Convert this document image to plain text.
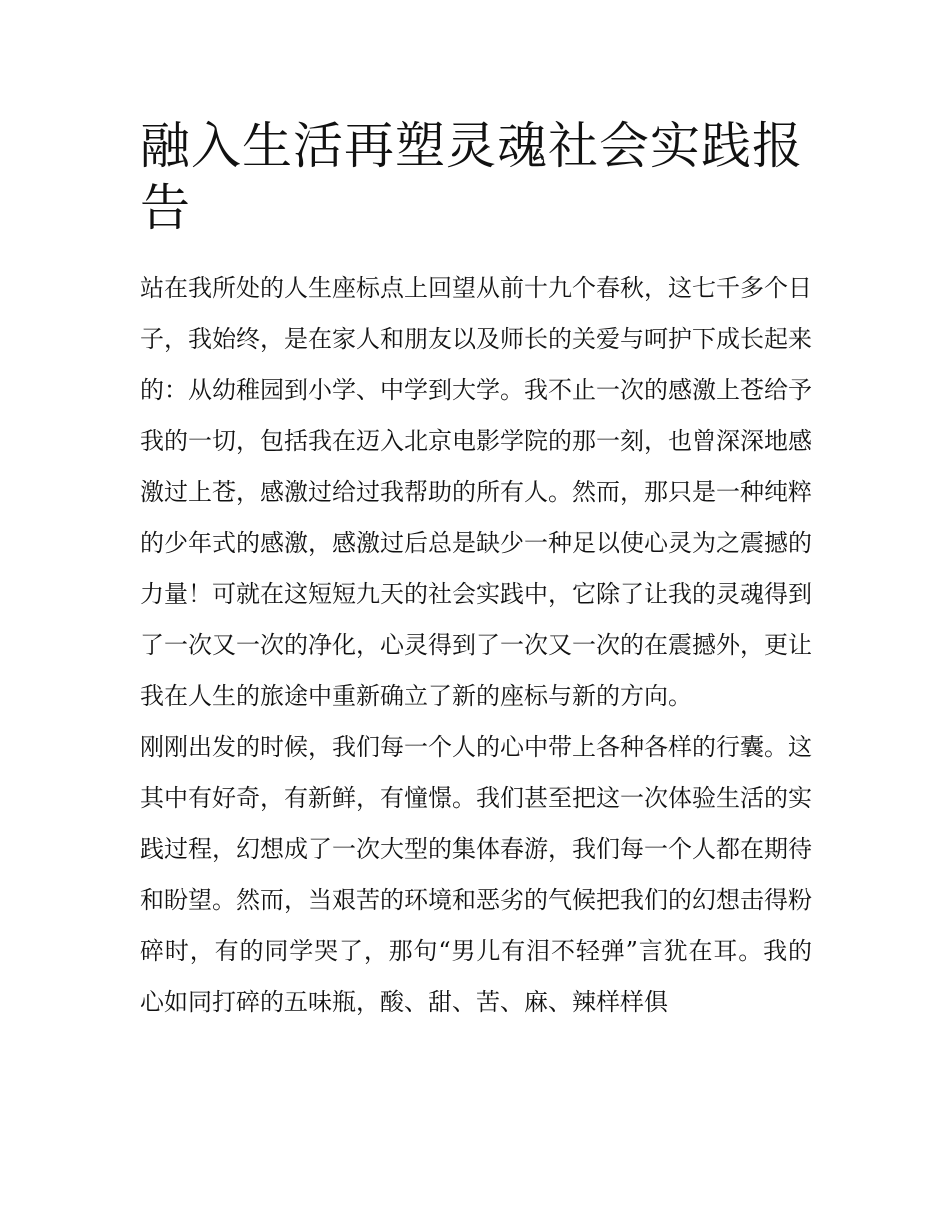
融入生活再塑灵魂社会实践报告

站在我所处的人生座标点上回望从前十九个春秋，这七千多个日子，我始终，是在家人和朋友以及师长的关爱与呵护下成长起来的：从幼稚园到小学、中学到大学。我不止一次的感激上苍给予我的一切，包括我在迈入北京电影学院的那一刻，也曾深深地感激过上苍，感激过给过我帮助的所有人。然而，那只是一种纯粹的少年式的感激，感激过后总是缺少一种足以使心灵为之震撼的力量！可就在这短短九天的社会实践中，它除了让我的灵魂得到了一次又一次的净化，心灵得到了一次又一次的在震撼外，更让我在人生的旅途中重新确立了新的座标与新的方向。

刚刚出发的时候，我们每一个人的心中带上各种各样的行囊。这其中有好奇，有新鲜，有憧憬。我们甚至把这一次体验生活的实践过程，幻想成了一次大型的集体春游，我们每一个人都在期待和盼望。然而，当艰苦的环境和恶劣的气候把我们的幻想击得粉碎时，有的同学哭了，那句“男儿有泪不轻弹”言犹在耳。我的心如同打碎的五味瓶，酸、甜、苦、麻、辣样样俱
